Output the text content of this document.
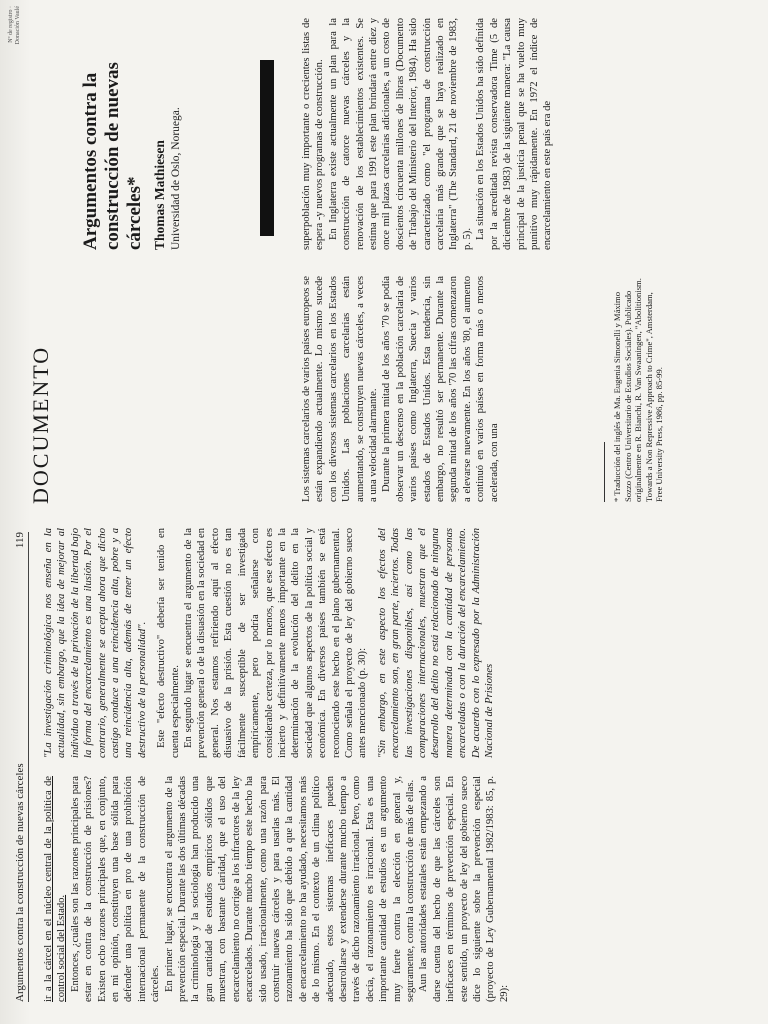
Argumentos contra la construcción de nuevas cárceles
119

ir a la cárcel en el núcleo central de la política de control social del Estado. Entonces, ¿cuáles son las razones principales para estar en contra de la construcción de prisiones? Existen ocho razones principales que, en conjunto, en mi opinión, constituyen una base sólida para defender una política en pro de una prohibición internacional permanente de la construcción de cárceles. En primer lugar, se encuentra el argumento de la prevención especial. Durante las dos últimas décadas la criminología y la sociología han producido una gran cantidad de estudios empíricos sólidos que muestran, con bastante claridad, que el uso del encarcelamiento no corrige a los infractores de la ley encarcelados. Durante mucho tiempo este hecho ha sido usado, irracionalmente, como una razón para construir nuevas cárceles y para usarlas más. El razonamiento ha sido que debido a que la cantidad de encarcelamiento no ha ayudado, necesitamos más de lo mismo. En el contexto de un clima político adecuado, estos sistemas ineficaces pueden desarrollarse y extenderse durante mucho tiempo a través de dicho razonamiento irracional. Pero, como decía, el razonamiento es irracional. Esta es una importante cantidad de estudios es un argumento muy fuerte contra la elección en general y, seguramente, contra la construcción de más de ellas. Aun las autoridades estatales están empezando a darse cuenta del hecho de que las cárceles son ineficaces en términos de prevención especial. En este sentido, un proyecto de ley del gobierno sueco dice lo siguiente sobre la prevención especial (proyecto de Ley Gubernamental 1982/1983: 85, p. 29):

"La investigación criminológica nos enseña en la actualidad, sin embargo, que la idea de mejorar al individuo a través de la privación de la libertad bajo la forma del encarcelamiento es una ilusión. Por el contrario, generalmente se acepta ahora que dicho castigo conduce a una reincidencia alta, pobre y a una reincidencia alta, además de tener un efecto destructivo de la personalidad". Este "efecto destructivo" debería ser tenido en cuenta especialmente. En segundo lugar se encuentra el argumento de la prevención general o de la disuasión en la sociedad en general. Nos estamos refiriendo aquí al efecto disuasivo de la prisión. Esta cuestión no es tan fácilmente susceptible de ser investigada empíricamente, pero podría señalarse con considerable certeza, por lo menos, que ese efecto es incierto y definitivamente menos importante en la determinación de la evolución del delito en la sociedad que algunos aspectos de la política social y económica. En diversos países también se está reconociendo este hecho en el plano gubernamental. Como señala el proyecto de ley del gobierno sueco antes mencionado (p. 30): "Sin embargo, en este aspecto los efectos del encarcelamiento son, en gran parte, inciertos. Todas las investigaciones disponibles, así como las comparaciones internacionales, muestran que el desarrollo del delito no está relacionado de ninguna manera determinada con la cantidad de personas encarceladas o con la duración del encarcelamiento. De acuerdo con lo expresado por la Administración Nacional de Prisiones

DOCUMENTO
Nº de registro · Donación Vaulé
Argumentos contra la construcción de nuevas cárceles* Thomas Mathiesen Universidad de Oslo, Noruega.

Los sistemas carcelarios de varios países europeos se están expandiendo actualmente. Lo mismo sucede con los diversos sistemas carcelarios en los Estados Unidos. Las poblaciones carcelarias están aumentando, se construyen nuevas cárceles, a veces a una velocidad alarmante. Durante la primera mitad de los años '70 se podía observar un descenso en la población carcelaria de varios países como Inglaterra, Suecia y varios estados de Estados Unidos. Esta tendencia, sin embargo, no resultó ser permanente. Durante la segunda mitad de los años '70 las cifras comenzaron a elevarse nuevamente. En los años '80, el aumento continuó en varios países en forma más o menos acelerada, con una	* Traducción del inglés de Ma. Eugenia Simonelli y Máximo Sozzo (Centro Universitario de Estudios Sociales). Publicado originalmente en R. Bianchi, R. Van Swaaningen, "Abolitionism. Towards a Non Repressive Approach to Crime", Amsterdam, Free University Press, 1986, pp. 85-99.

superpoblación muy importante o crecientes listas de espera -y nuevos programas de construcción. En Inglaterra existe actualmente un plan para la construcción de catorce nuevas cárceles y la renovación de los establecimientos existentes. Se estima que para 1991 este plan brindará entre diez y once mil plazas carcelarias adicionales, a un costo de doscientos cincuenta millones de libras (Documento de Trabajo del Ministerio del Interior, 1984). Ha sido caracterizado como "el programa de construcción carcelaria más grande que se haya realizado en Inglaterra" (The Standard, 21 de noviembre de 1983, p. 5). La situación en los Estados Unidos ha sido definida por la acreditada revista conservadora Time (5 de diciembre de 1983) de la siguiente manera: "La causa principal de la justicia penal que se ha vuelto muy punitivo muy rápidamente. En 1972 el índice de encarcelamiento en este país era de
